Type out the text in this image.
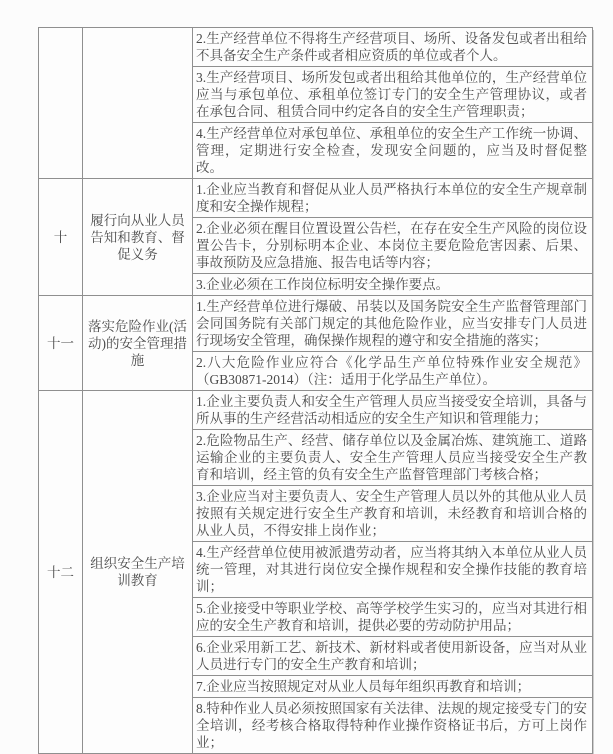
		2.生产经营单位不得将生产经营项目、场所、设备发包或者出租给不具备安全生产条件或者相应资质的单位或者个人。
		3.生产经营项目、场所发包或者出租给其他单位的，生产经营单位应当与承包单位、承租单位签订专门的安全生产管理协议，或者在承包合同、租赁合同中约定各自的安全生产管理职责；
		4.生产经营单位对承包单位、承租单位的安全生产工作统一协调、管理，定期进行安全检查，发现安全问题的，应当及时督促整改。
十	履行向从业人员告知和教育、督促义务	1.企业应当教育和督促从业人员严格执行本单位的安全生产规章制度和安全操作规程；
		2.企业必须在醒目位置设置公告栏，在存在安全生产风险的岗位设置公告卡，分别标明本企业、本岗位主要危险危害因素、后果、事故预防及应急措施、报告电话等内容；
		3.企业必须在工作岗位标明安全操作要点。
十一	落实危险作业(活动)的安全管理措施	1.生产经营单位进行爆破、吊装以及国务院安全生产监督管理部门会同国务院有关部门规定的其他危险作业，应当安排专门人员进行现场安全管理，确保操作规程的遵守和安全措施的落实；
		2.八大危险作业应符合《化学品生产单位特殊作业安全规范》（GB30871-2014）（注：适用于化学品生产单位）。
十二	组织安全生产培训教育	1.企业主要负责人和安全生产管理人员应当接受安全培训，具备与所从事的生产经营活动相适应的安全生产知识和管理能力；
		2.危险物品生产、经营、储存单位以及金属冶炼、建筑施工、道路运输企业的主要负责人、安全生产管理人员应当接受安全生产教育和培训，经主管的负有安全生产监督管理部门考核合格；
		3.企业应当对主要负责人、安全生产管理人员以外的其他从业人员按照有关规定进行安全生产教育和培训，未经教育和培训合格的从业人员，不得安排上岗作业；
		4.生产经营单位使用被派遣劳动者，应当将其纳入本单位从业人员统一管理，对其进行岗位安全操作规程和安全操作技能的教育培训；
		5.企业接受中等职业学校、高等学校学生实习的，应当对其进行相应的安全生产教育和培训，提供必要的劳动防护用品；
		6.企业采用新工艺、新技术、新材料或者使用新设备，应当对从业人员进行专门的安全生产教育和培训；
		7.企业应当按照规定对从业人员每年组织再教育和培训；
		8.特种作业人员必须按照国家有关法律、法规的规定接受专门的安全培训，经考核合格取得特种作业操作资格证书后，方可上岗作业；
